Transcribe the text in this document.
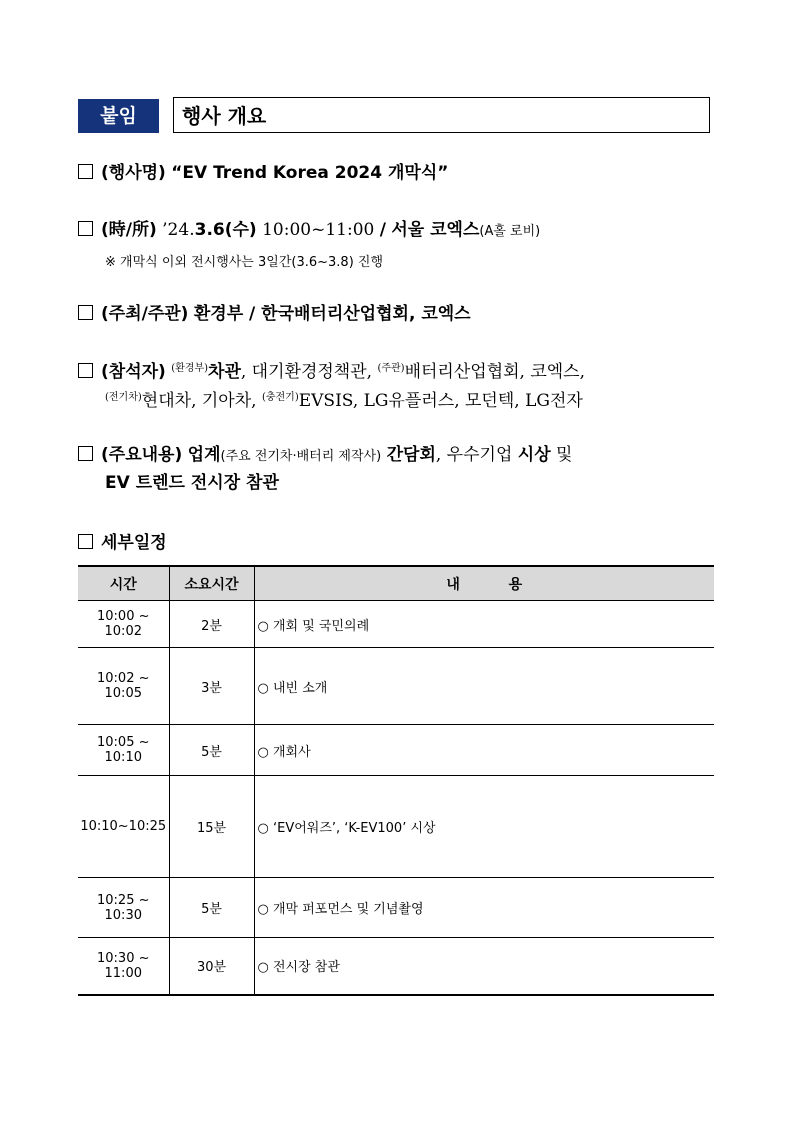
붙임	행사 개요
(행사명) “EV Trend Korea 2024 개막식”
(時/所) ’24.3.6(수) 10:00~11:00 / 서울 코엑스(A홀 로비)
※ 개막식 이외 전시행사는 3일간(3.6~3.8) 진행
(주최/주관) 환경부 / 한국배터리산업협회, 코엑스
(참석자) $^{(환경부)}$차관, 대기환경정책관, $^{(주관)}$배터리산업협회, 코엑스,
$^{(전기차)}$현대차, 기아차, $^{(충전기)}$EVSIS, LG유플러스, 모던텍, LG전자
(주요내용) 업계(주요 전기차·배터리 제작사) 간담회, 우수기업 시상 및
EV 트렌드 전시장 참관
세부일정
시간	소요시간	내          용
10:00 ~ 10:02	2분	○ 개회 및 국민의례
10:02 ~ 10:05	3분	○ 내빈 소개
10:05 ~ 10:10	5분	○ 개회사
10:10~10:25	15분	○ ‘EV어워즈’, ‘K-EV100’ 시상
10:25 ~ 10:30	5분	○ 개막 퍼포먼스 및 기념촬영
10:30 ~ 11:00	30분	○ 전시장 참관
